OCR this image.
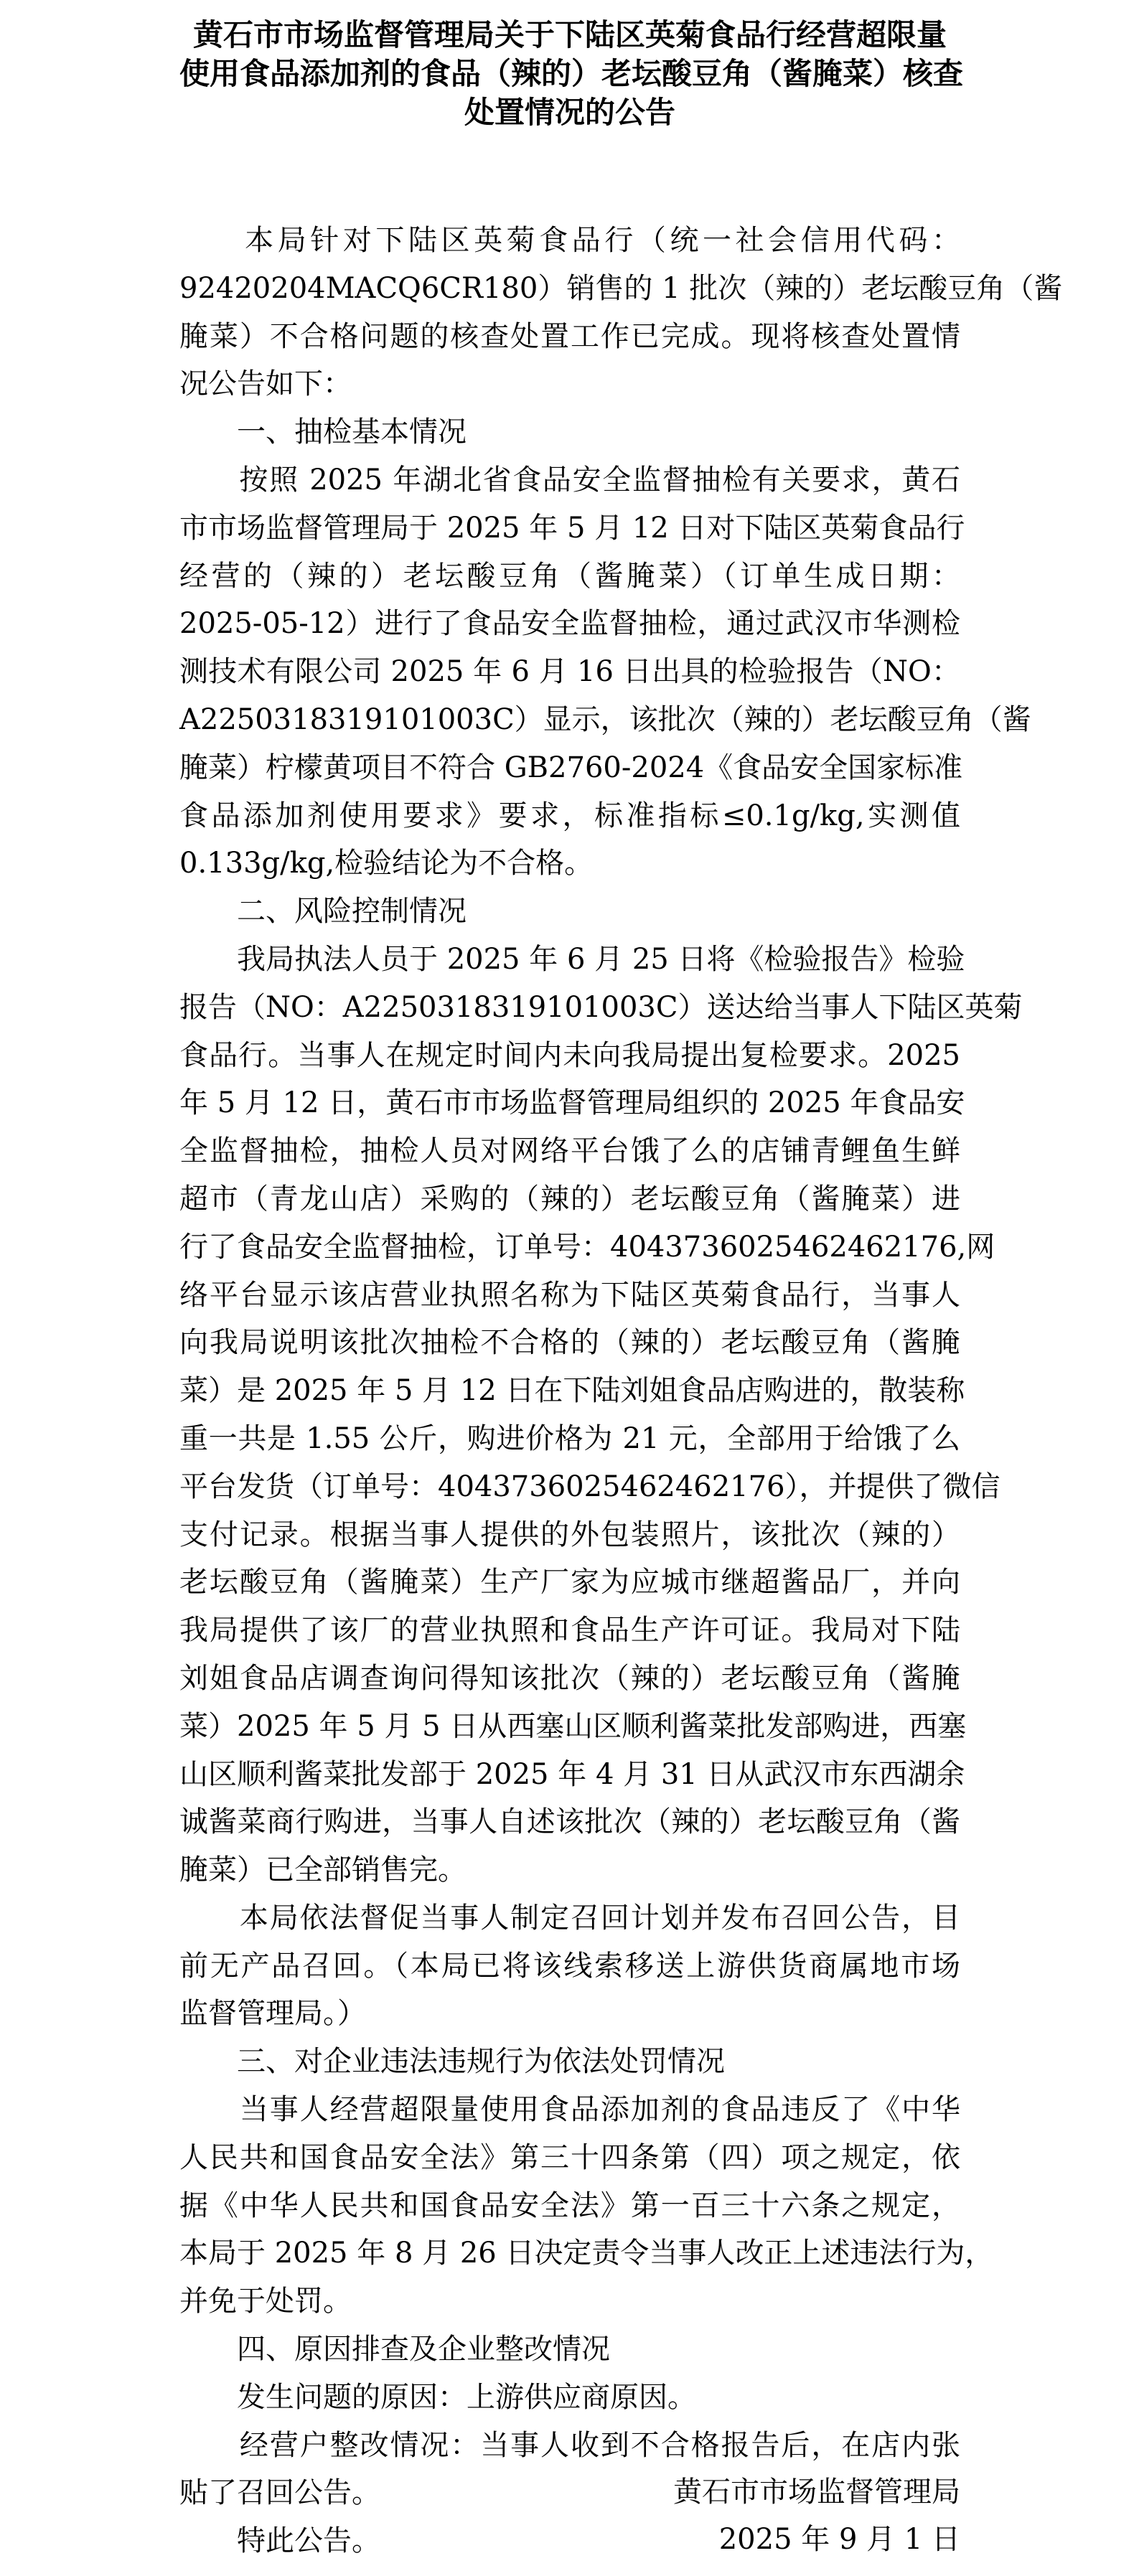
黄石市市场监督管理局关于下陆区英菊食品行经营超限量
使用食品添加剂的食品（辣的）老坛酸豆角（酱腌菜）核查
处置情况的公告
　　本局针对下陆区英菊食品行（统一社会信用代码：
92420204MACQ6CR180）销售的 1 批次（辣的）老坛酸豆角（酱
腌菜）不合格问题的核查处置工作已完成。现将核查处置情
况公告如下：
　　一、抽检基本情况
　　按照 2025 年湖北省食品安全监督抽检有关要求，黄石
市市场监督管理局于 2025 年 5 月 12 日对下陆区英菊食品行
经营的（辣的）老坛酸豆角（酱腌菜）（订单生成日期：
2025-05-12）进行了食品安全监督抽检，通过武汉市华测检
测技术有限公司 2025 年 6 月 16 日出具的检验报告（NO：
A2250318319101003C）显示，该批次（辣的）老坛酸豆角（酱
腌菜）柠檬黄项目不符合 GB2760-2024《食品安全国家标准
食品添加剂使用要求》要求，标准指标≤0.1g/kg,实测值
0.133g/kg,检验结论为不合格。
　　二、风险控制情况
　　我局执法人员于 2025 年 6 月 25 日将《检验报告》检验
报告（NO：A2250318319101003C）送达给当事人下陆区英菊
食品行。当事人在规定时间内未向我局提出复检要求。2025
年 5 月 12 日，黄石市市场监督管理局组织的 2025 年食品安
全监督抽检，抽检人员对网络平台饿了么的店铺青鲤鱼生鲜
超市（青龙山店）采购的（辣的）老坛酸豆角（酱腌菜）进
行了食品安全监督抽检，订单号：4043736025462462176,网
络平台显示该店营业执照名称为下陆区英菊食品行，当事人
向我局说明该批次抽检不合格的（辣的）老坛酸豆角（酱腌
菜）是 2025 年 5 月 12 日在下陆刘姐食品店购进的，散装称
重一共是 1.55 公斤，购进价格为 21 元，全部用于给饿了么
平台发货（订单号：4043736025462462176），并提供了微信
支付记录。根据当事人提供的外包装照片，该批次（辣的）
老坛酸豆角（酱腌菜）生产厂家为应城市继超酱品厂，并向
我局提供了该厂的营业执照和食品生产许可证。我局对下陆
刘姐食品店调查询问得知该批次（辣的）老坛酸豆角（酱腌
菜）2025 年 5 月 5 日从西塞山区顺利酱菜批发部购进，西塞
山区顺利酱菜批发部于 2025 年 4 月 31 日从武汉市东西湖余
诚酱菜商行购进，当事人自述该批次（辣的）老坛酸豆角（酱
腌菜）已全部销售完。
　　本局依法督促当事人制定召回计划并发布召回公告，目
前无产品召回。（本局已将该线索移送上游供货商属地市场
监督管理局。）
　　三、对企业违法违规行为依法处罚情况
　　当事人经营超限量使用食品添加剂的食品违反了《中华
人民共和国食品安全法》第三十四条第（四）项之规定，依
据《中华人民共和国食品安全法》第一百三十六条之规定，
本局于 2025 年 8 月 26 日决定责令当事人改正上述违法行为，
并免于处罚。
　　四、原因排查及企业整改情况
　　发生问题的原因：上游供应商原因。
　　经营户整改情况：当事人收到不合格报告后，在店内张
贴了召回公告。
　　特此公告。
黄石市市场监督管理局
2025 年 9 月 1 日
